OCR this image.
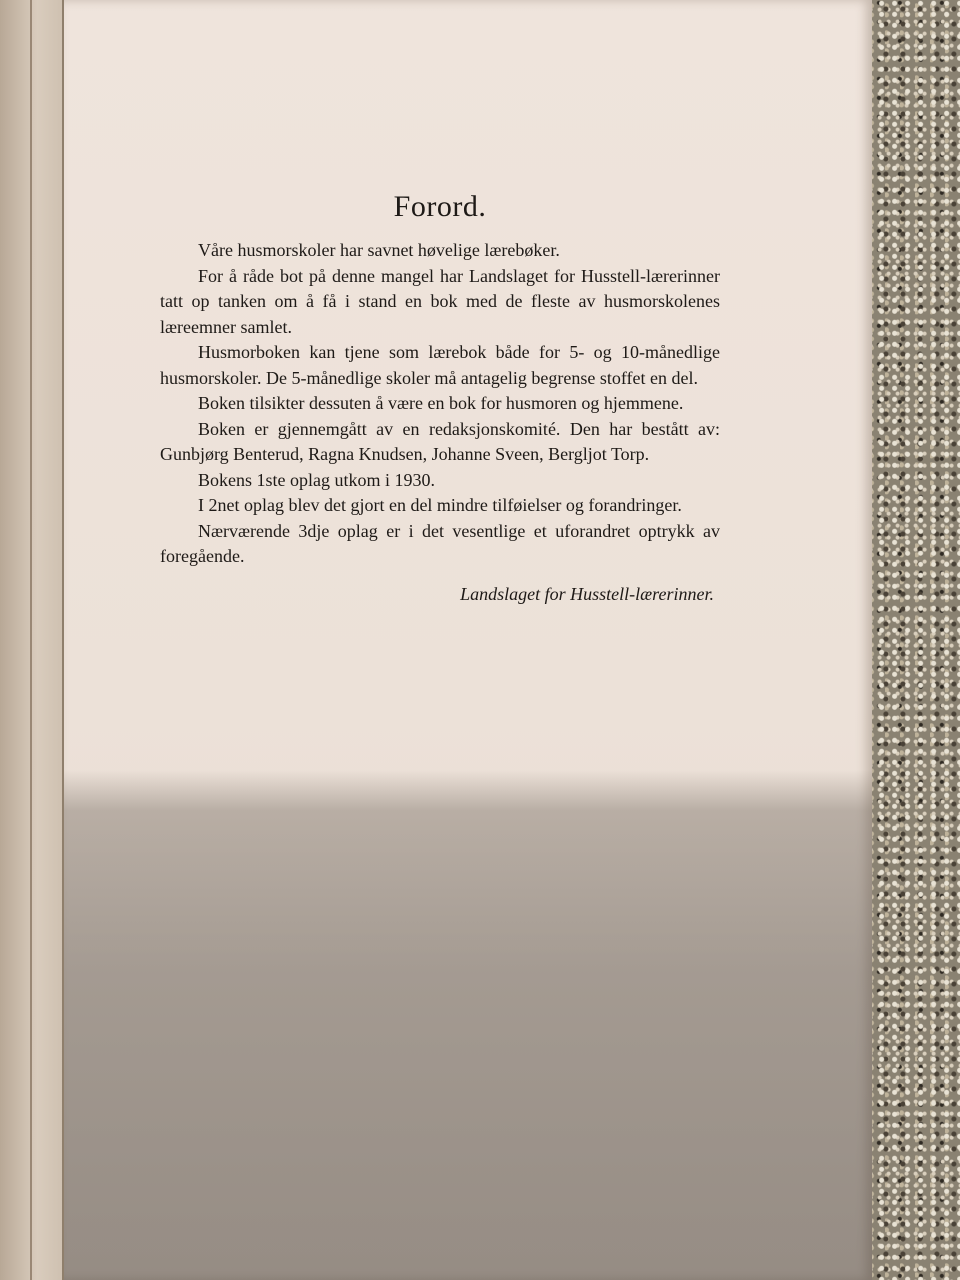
Forord.

Våre husmorskoler har savnet høvelige lærebøker.

For å råde bot på denne mangel har Landslaget for Husstell-lærerinner tatt op tanken om å få i stand en bok med de fleste av husmorskolenes læreemner samlet.

Husmorboken kan tjene som lærebok både for 5- og 10-månedlige husmorskoler. De 5-månedlige skoler må antagelig begrense stoffet en del.

Boken tilsikter dessuten å være en bok for husmoren og hjemmene.

Boken er gjennemgått av en redaksjonskomité. Den har bestått av: Gunbjørg Benterud, Ragna Knudsen, Johanne Sveen, Bergljot Torp.

Bokens 1ste oplag utkom i 1930.

I 2net oplag blev det gjort en del mindre tilføielser og forandringer.

Nærværende 3dje oplag er i det vesentlige et uforandret optrykk av foregående.

Landslaget for Husstell-lærerinner.
